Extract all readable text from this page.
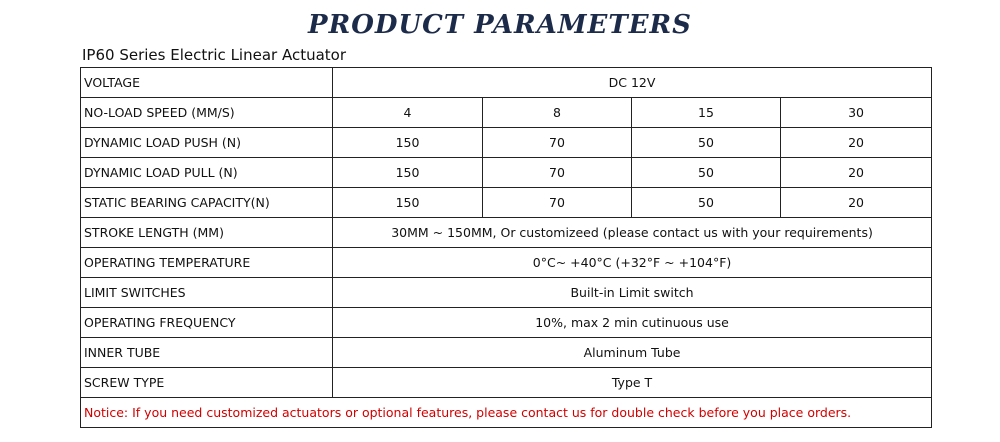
PRODUCT PARAMETERS
IP60 Series Electric Linear Actuator
VOLTAGE	DC 12V			
NO-LOAD SPEED (MM/S)	4	8	15	30
DYNAMIC LOAD PUSH (N)	150	70	50	20
DYNAMIC LOAD PULL (N)	150	70	50	20
STATIC BEARING CAPACITY(N)	150	70	50	20
STROKE LENGTH (MM)	30MM ~ 150MM, Or customizeed (please contact us with your requirements)			
OPERATING TEMPERATURE	0°C~ +40°C (+32°F ~ +104°F)			
LIMIT SWITCHES	Built-in Limit switch			
OPERATING FREQUENCY	10%, max 2 min cutinuous use			
INNER TUBE	Aluminum Tube			
SCREW TYPE	Type T			
Notice: If you need customized actuators or optional features, please contact us for double check before you place orders.				
